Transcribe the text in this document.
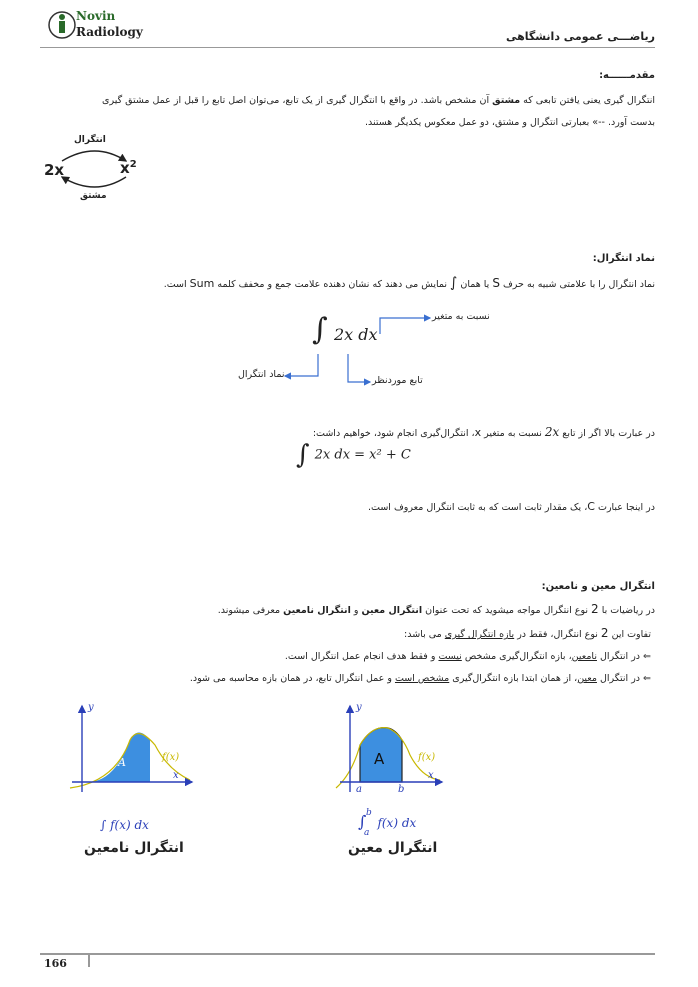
Novin
Radiology	ریاضـــی عمومی دانشگاهی
مقدمــــــه:
انتگرال گیری یعنی یافتن تابعی که مشتق آن مشخص باشد. در واقع با انتگرال گیری از یک تابع، می‌توان اصل تابع را قبل از عمل مشتق گیری
بدست آورد. --» بعبارتی انتگرال و مشتق، دو عمل معکوس یکدیگر هستند.
2x	$x^2$
انتگرال
مشتق
نماد انتگرال:
نماد انتگرال را با علامتی شبیه به حرف S یا همان ∫ نمایش می دهند که نشان دهنده علامت جمع و مخفف کلمه Sum است.
∫ 2x dx
نسبت به متغیر
نماد انتگرال
تابع موردنظر
در عبارت بالا اگر از تابع 2x نسبت به متغیر x، انتگرال‌گیری انجام شود، خواهیم داشت:
∫ 2x dx = x² + C
در اینجا عبارت C، یک مقدار ثابت است که به ثابت انتگرال معروف است.
انتگرال معین و نامعین:
در ریاضیات با 2 نوع انتگرال مواجه میشوید که تحت عنوان انتگرال معین و انتگرال نامعین معرفی میشوند.
تفاوت این 2 نوع انتگرال، فقط در بازه انتگرال گیری می باشد:
⇐ در انتگرال نامعین، بازه انتگرال‌گیری مشخص نیست و فقط هدف انجام عمل انتگرال است.
⇐ در انتگرال معین، از همان ابتدا بازه انتگرال‌گیری مشخص است و عمل انتگرال تابع، در همان بازه محاسبه می شود.
y
x
A	f(x)
∫ f(x) dx
انتگرال نامعین
y
x
A	f(x)
a	b
∫ b
a
f(x) dx
انتگرال معین
166
